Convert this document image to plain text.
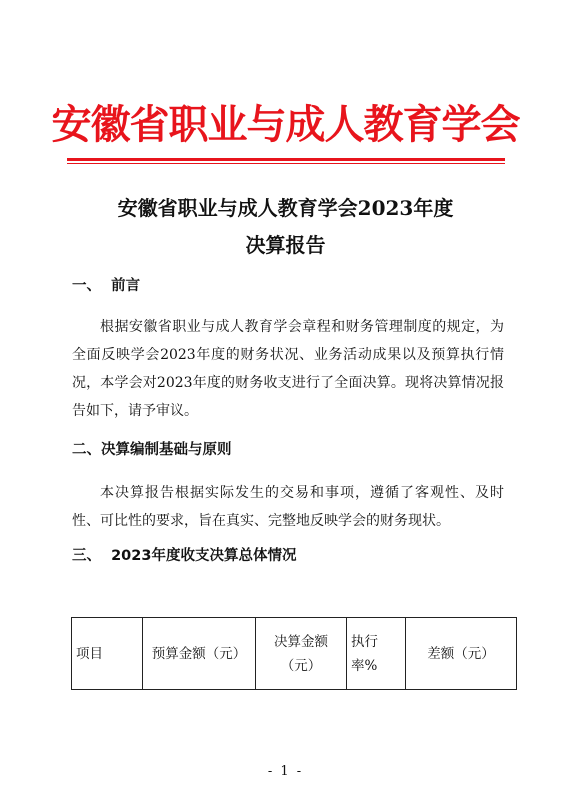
安徽省职业与成人教育学会
安徽省职业与成人教育学会2023年度
决算报告
一、  前言

根据安徽省职业与成人教育学会章程和财务管理制度的规定，为全面反映学会2023年度的财务状况、业务活动成果以及预算执行情况，本学会对2023年度的财务收支进行了全面决算。现将决算情况报告如下，请予审议。

二、决算编制基础与原则

本决算报告根据实际发生的交易和事项，遵循了客观性、及时性、可比性的要求，旨在真实、完整地反映学会的财务现状。

三、  2023年度收支决算总体情况
项目	预算金额（元）	决算金额（元）	执行率%	差额（元）
- 1 -
